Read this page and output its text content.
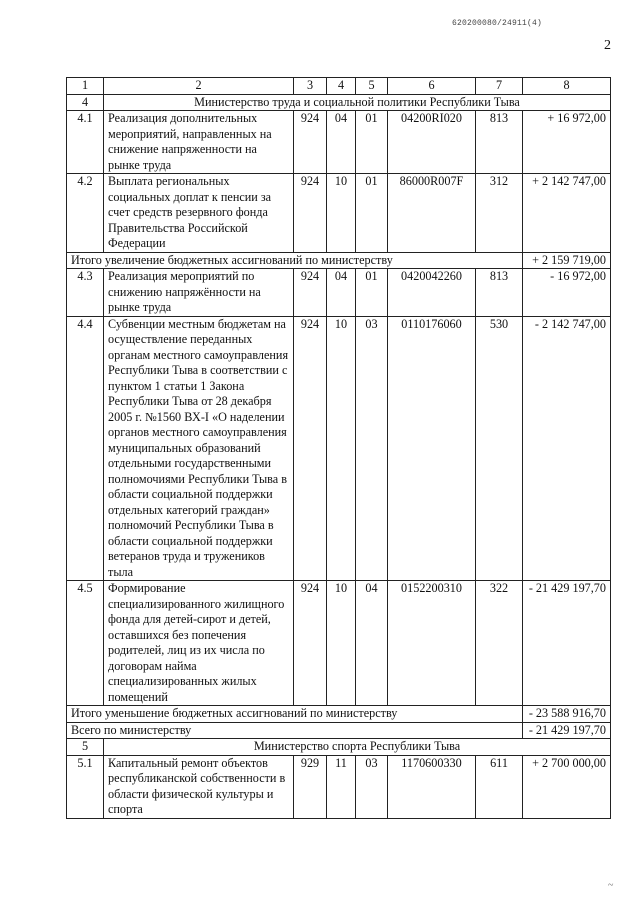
620200080/24911(4)
2
1	2	3	4	5	6	7	8
4	Министерство труда и социальной политики Республики Тыва						
4.1	Реализация дополнительных мероприятий, направленных на снижение напряженности на рынке труда	924	04	01	04200RI020	813	+ 16 972,00
4.2	Выплата региональных социальных доплат к пенсии за счет средств резервного фонда Правительства Российской Федерации	924	10	01	86000R007F	312	+ 2 142 747,00
Итого увеличение бюджетных ассигнований по министерству							+ 2 159 719,00
4.3	Реализация мероприятий по снижению напряжённости на рынке труда	924	04	01	0420042260	813	- 16 972,00
4.4	Субвенции местным бюджетам на осуществление переданных органам местного самоуправления Республики Тыва в соответствии с пунктом 1 статьи 1 Закона Республики Тыва от 28 декабря 2005 г. №1560 ВХ-I «О наделении органов местного самоуправления муниципальных образований отдельными государственными полномочиями Республики Тыва в области социальной поддержки отдельных категорий граждан» полномочий Республики Тыва в области социальной поддержки ветеранов труда и тружеников тыла	924	10	03	0110176060	530	- 2 142 747,00
4.5	Формирование специализированного жилищного фонда для детей-сирот и детей, оставшихся без попечения родителей, лиц из их числа по договорам найма специализированных жилых помещений	924	10	04	0152200310	322	- 21 429 197,70
Итого уменьшение бюджетных ассигнований по министерству							- 23 588 916,70
Всего по министерству							- 21 429 197,70
5	Министерство спорта Республики Тыва						
5.1	Капитальный ремонт объектов республиканской собственности в области физической культуры и спорта	929	11	03	1170600330	611	+ 2 700 000,00
~
